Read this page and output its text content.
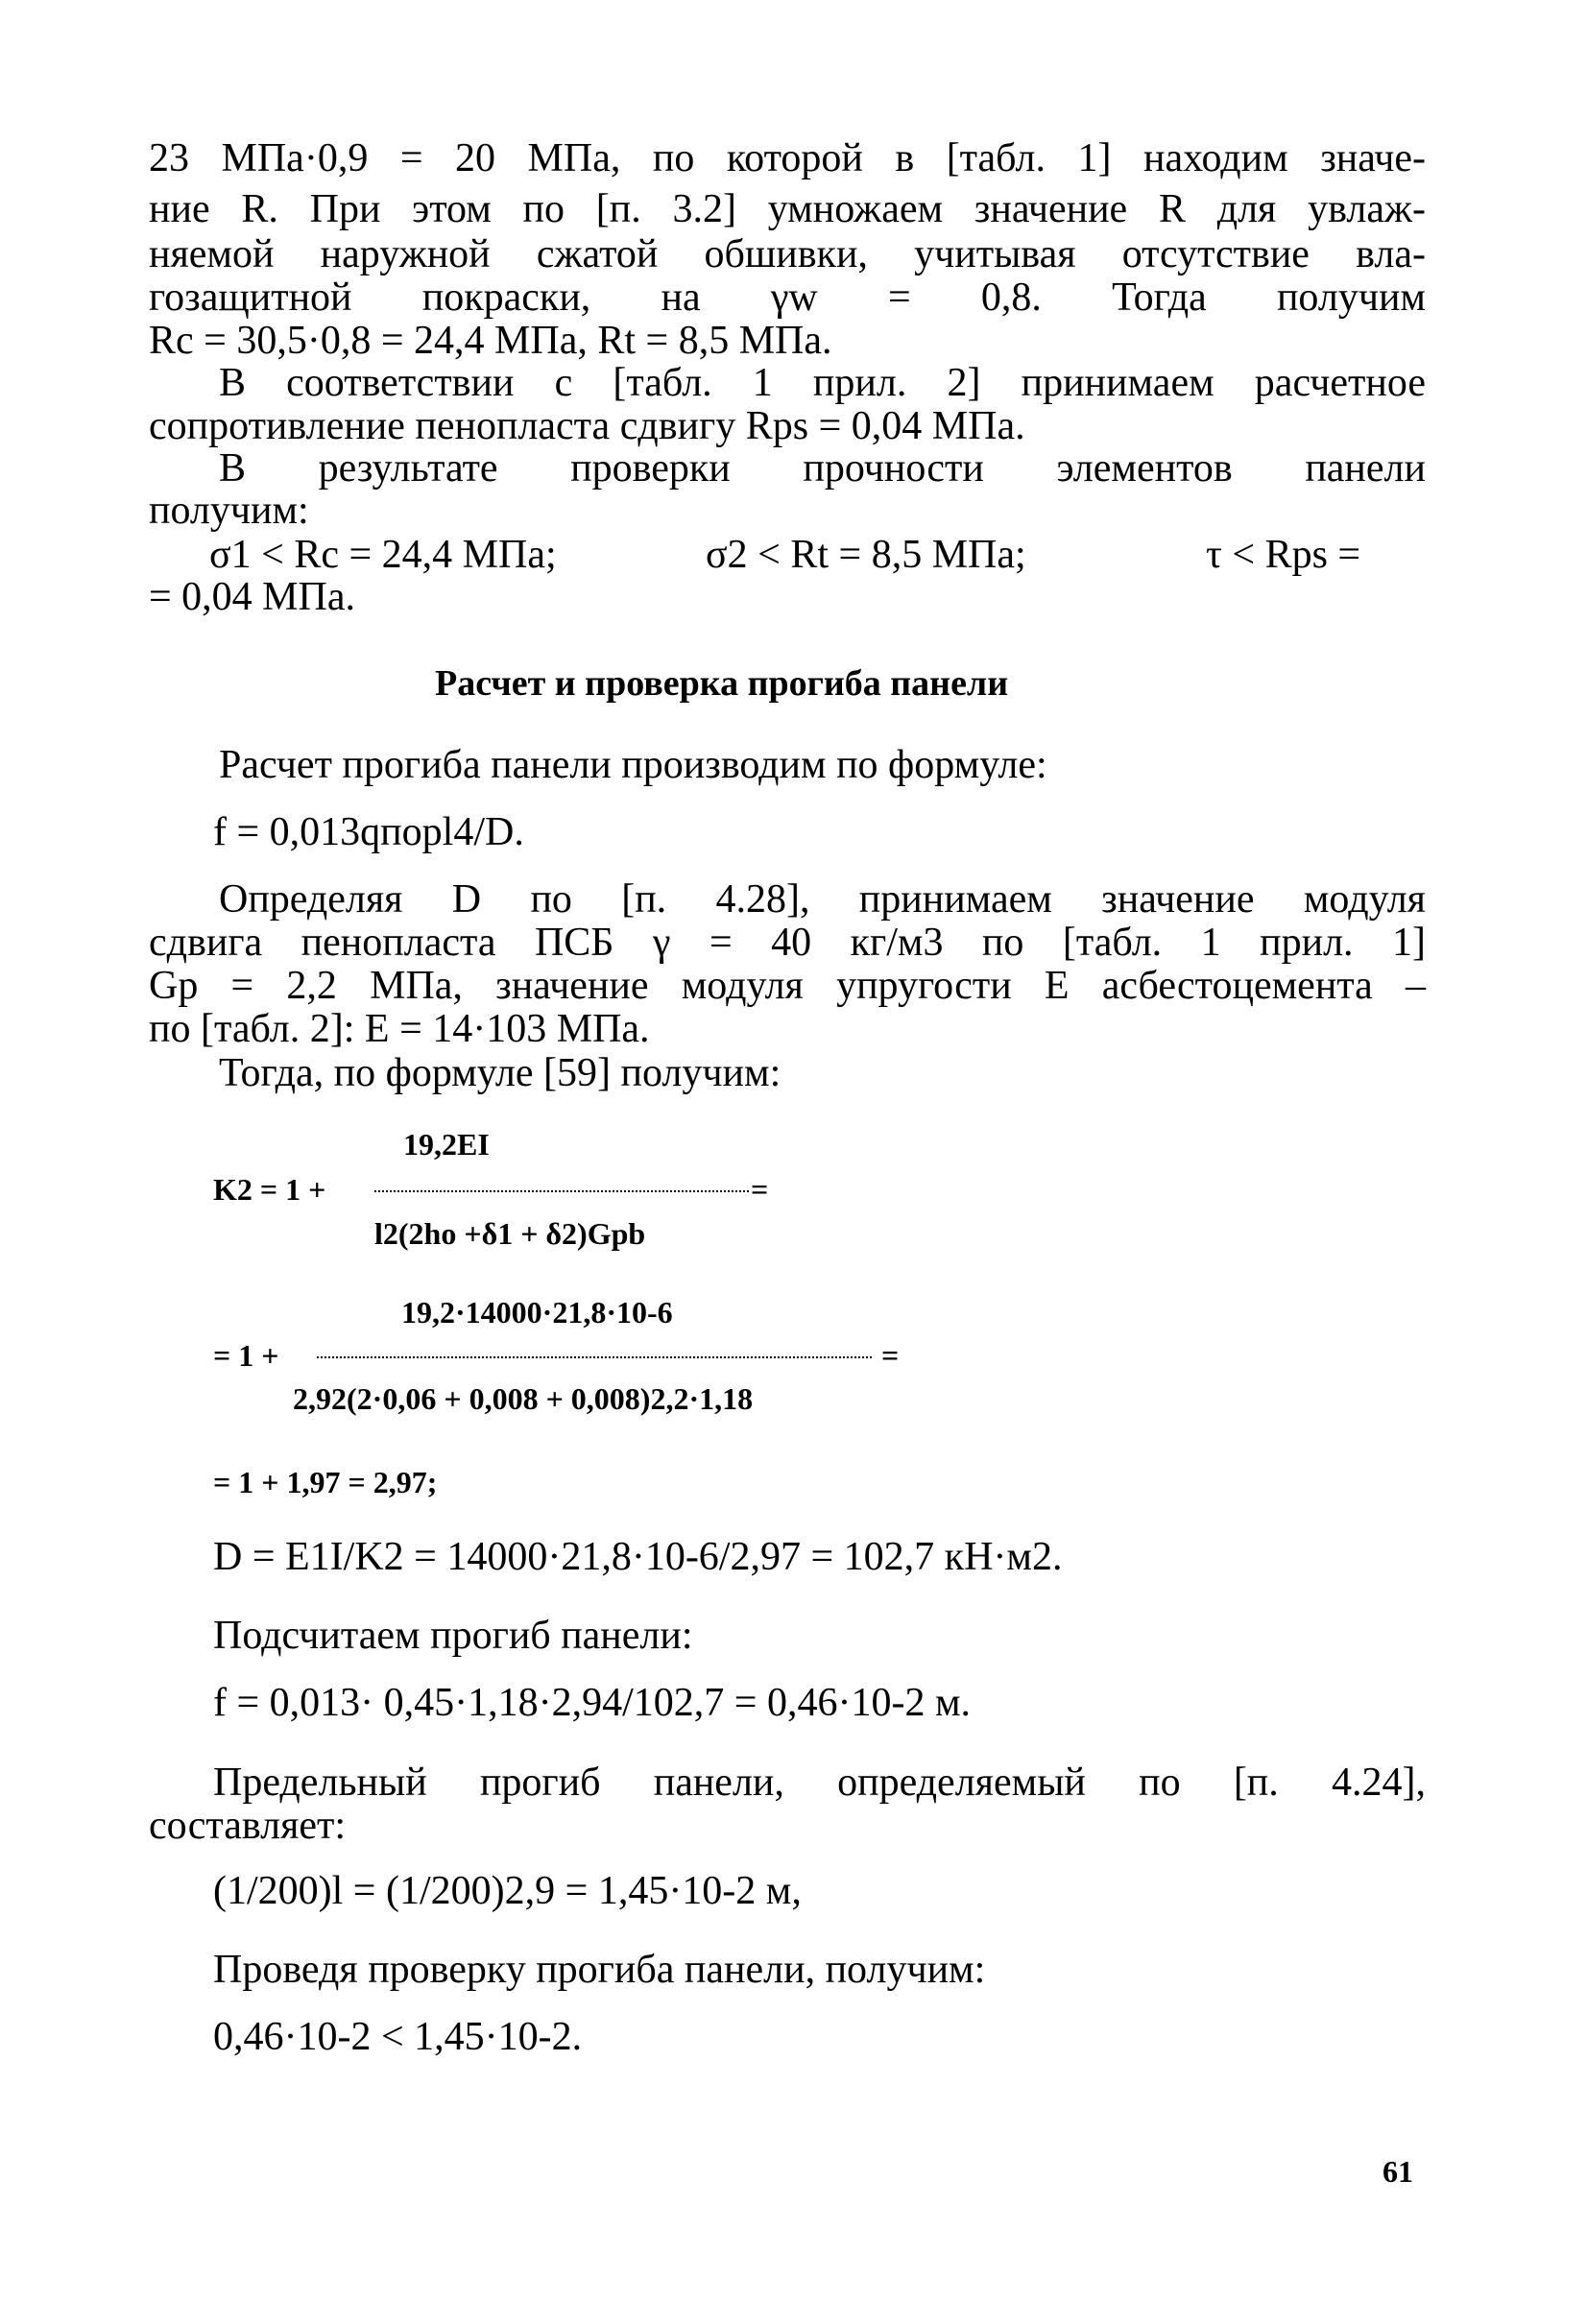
23 МПа·0,9 = 20 МПа, по которой в [табл. 1] находим значе-
ние R. При этом по [п. 3.2] умножаем значение R для увлаж-
няемой наружной сжатой обшивки, учитывая отсутствие вла-
гозащитной покраски, на γw = 0,8. Тогда получим
Rc = 30,5·0,8 = 24,4 МПа, Rt = 8,5 МПа.
В соответствии с [табл. 1 прил. 2] принимаем расчетное
сопротивление пенопласта сдвигу Rps = 0,04 МПа.
В результате проверки прочности элементов панели
получим:
σ1 < Rc = 24,4 МПа;	σ2 < Rt = 8,5 МПа;	τ < Rps =
= 0,04 МПа.
Расчет и проверка прогиба панели
Расчет прогиба панели производим по формуле:
f = 0,013qпорl4/D.
Определяя D по [п. 4.28], принимаем значение модуля
сдвига пенопласта ПСБ γ = 40 кг/м3 по [табл. 1 прил. 1]
Gp = 2,2 МПа, значение модуля упругости E асбестоцемента –
по [табл. 2]: E = 14·103 МПа.
Тогда, по формуле [59] получим:
19,2EI
K2 = 1 +	=
l2(2ho +δ1 + δ2)Gpb
19,2·14000·21,8·10-6
= 1 +	=
2,92(2·0,06 + 0,008 + 0,008)2,2·1,18
= 1 + 1,97 = 2,97;
D = E1I/K2 = 14000·21,8·10-6/2,97 = 102,7 кН·м2.
Подсчитаем прогиб панели:
f = 0,013· 0,45·1,18·2,94/102,7 = 0,46·10-2 м.
Предельный прогиб панели, определяемый по [п. 4.24],
составляет:
(1/200)l = (1/200)2,9 = 1,45·10-2 м,
Проведя проверку прогиба панели, получим:
0,46·10-2 < 1,45·10-2.
61
